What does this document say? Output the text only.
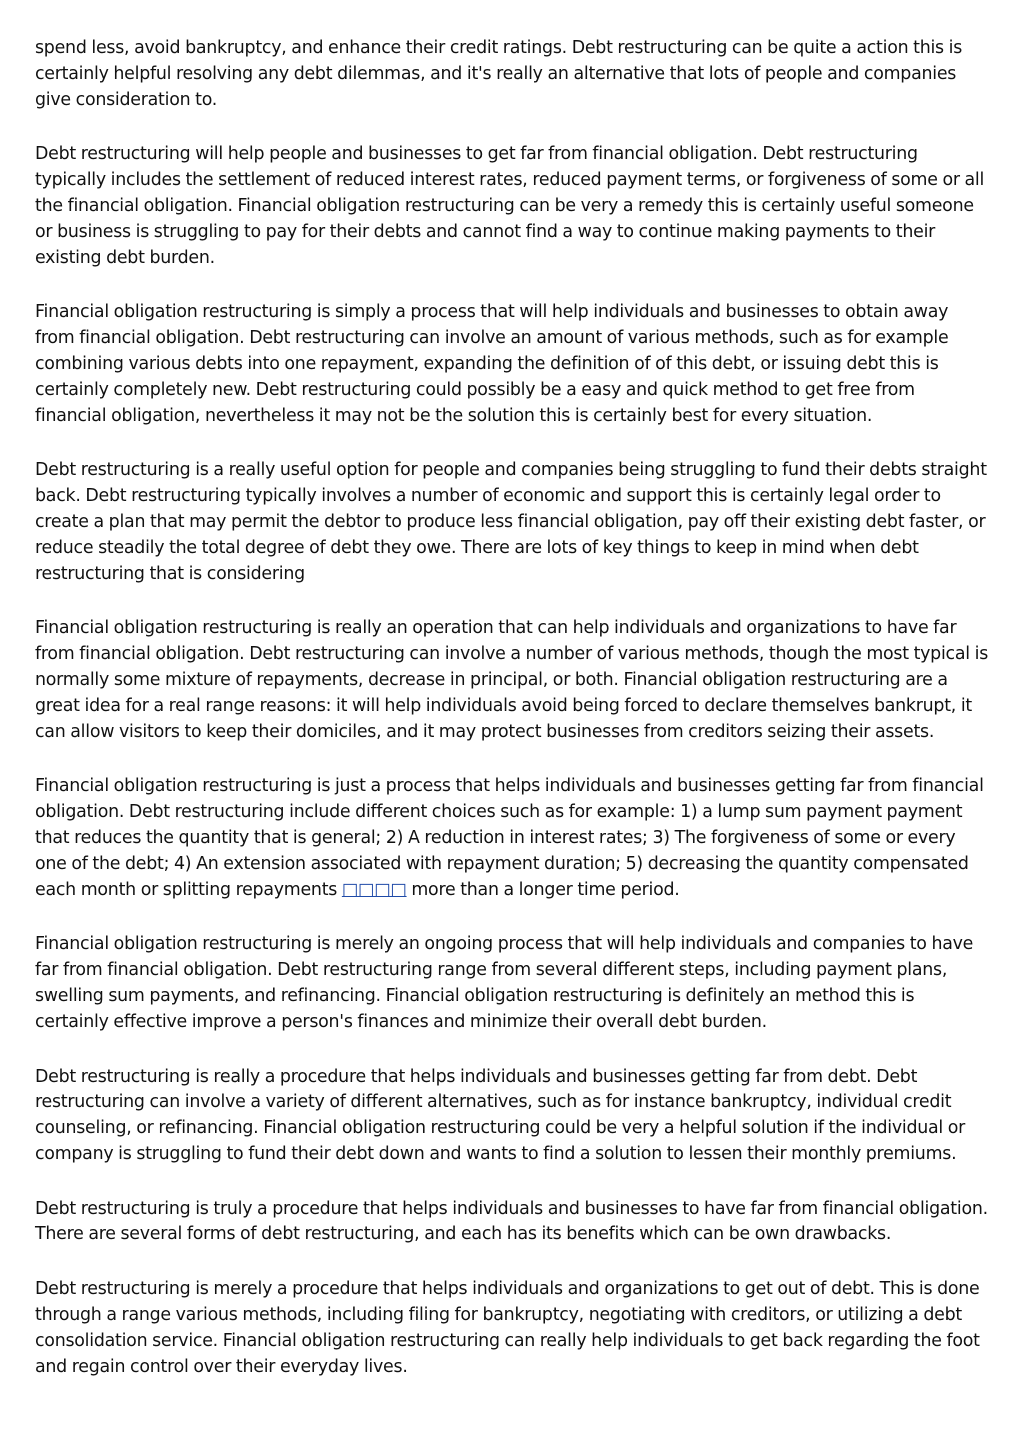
spend less, avoid bankruptcy, and enhance their credit ratings. Debt restructuring can be quite a action this is certainly helpful resolving any debt dilemmas, and it's really an alternative that lots of people and companies give consideration to.

Debt restructuring will help people and businesses to get far from financial obligation. Debt restructuring typically includes the settlement of reduced interest rates, reduced payment terms, or forgiveness of some or all the financial obligation. Financial obligation restructuring can be very a remedy this is certainly useful someone or business is struggling to pay for their debts and cannot find a way to continue making payments to their existing debt burden.

Financial obligation restructuring is simply a process that will help individuals and businesses to obtain away from financial obligation. Debt restructuring can involve an amount of various methods, such as for example combining various debts into one repayment, expanding the definition of of this debt, or issuing debt this is certainly completely new. Debt restructuring could possibly be a easy and quick method to get free from financial obligation, nevertheless it may not be the solution this is certainly best for every situation.

Debt restructuring is a really useful option for people and companies being struggling to fund their debts straight back. Debt restructuring typically involves a number of economic and support this is certainly legal order to create a plan that may permit the debtor to produce less financial obligation, pay off their existing debt faster, or reduce steadily the total degree of debt they owe. There are lots of key things to keep in mind when debt restructuring that is considering

Financial obligation restructuring is really an operation that can help individuals and organizations to have far from financial obligation. Debt restructuring can involve a number of various methods, though the most typical is normally some mixture of repayments, decrease in principal, or both. Financial obligation restructuring are a great idea for a real range reasons: it will help individuals avoid being forced to declare themselves bankrupt, it can allow visitors to keep their domiciles, and it may protect businesses from creditors seizing their assets.

Financial obligation restructuring is just a process that helps individuals and businesses getting far from financial obligation. Debt restructuring include different choices such as for example: 1) a lump sum payment payment that reduces the quantity that is general; 2) A reduction in interest rates; 3) The forgiveness of some or every one of the debt; 4) An extension associated with repayment duration; 5) decreasing the quantity compensated each month or splitting repayments □□□□ more than a longer time period.

Financial obligation restructuring is merely an ongoing process that will help individuals and companies to have far from financial obligation. Debt restructuring range from several different steps, including payment plans, swelling sum payments, and refinancing. Financial obligation restructuring is definitely an method this is certainly effective improve a person's finances and minimize their overall debt burden.

Debt restructuring is really a procedure that helps individuals and businesses getting far from debt. Debt restructuring can involve a variety of different alternatives, such as for instance bankruptcy, individual credit counseling, or refinancing. Financial obligation restructuring could be very a helpful solution if the individual or company is struggling to fund their debt down and wants to find a solution to lessen their monthly premiums.

Debt restructuring is truly a procedure that helps individuals and businesses to have far from financial obligation. There are several forms of debt restructuring, and each has its benefits which can be own drawbacks.

Debt restructuring is merely a procedure that helps individuals and organizations to get out of debt. This is done through a range various methods, including filing for bankruptcy, negotiating with creditors, or utilizing a debt consolidation service. Financial obligation restructuring can really help individuals to get back regarding the foot and regain control over their everyday lives.
